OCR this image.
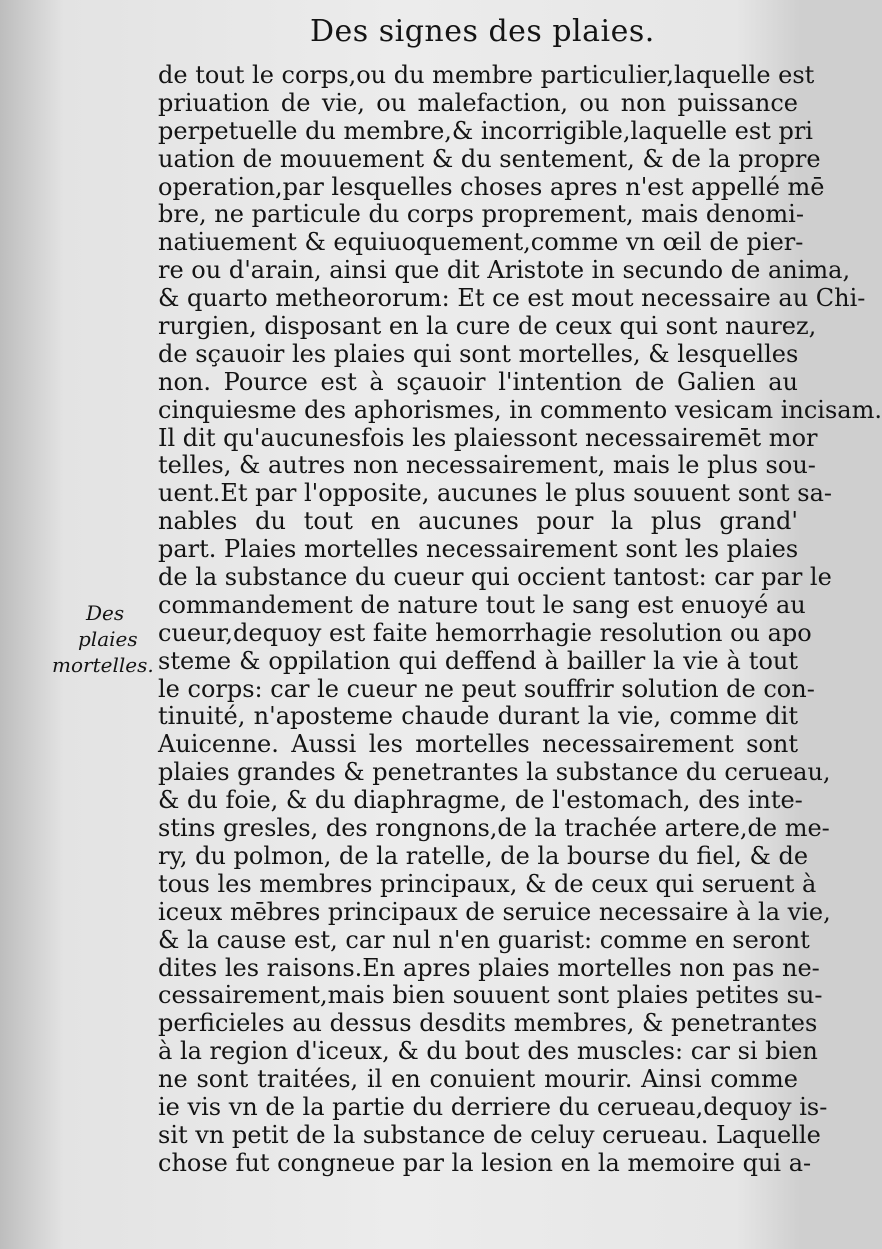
Des signes des plaies.
Des
plaies
mortelles.
de tout le corps,ou du membre particulier,laquelle est
priuation de vie, ou malefaction, ou non puissance
perpetuelle du membre,& incorrigible,laquelle est pri
uation de mouuement & du sentement, & de la propre
operation,par lesquelles choses apres n'est appellé mē
bre, ne particule du corps proprement, mais denomi-
natiuement & equiuoquement,comme vn œil de pier-
re ou d'arain, ainsi que dit Aristote in secundo de anima,
& quarto metheororum: Et ce est mout necessaire au Chi-
rurgien, disposant en la cure de ceux qui sont naurez,
de sçauoir les plaies qui sont mortelles, & lesquelles
non. Pource est à sçauoir l'intention de Galien au
cinquiesme des aphorismes, in commento vesicam incisam.
Il dit qu'aucunesfois les plaiessont necessairemēt mor
telles, & autres non necessairement, mais le plus sou-
uent.Et par l'opposite, aucunes le plus souuent sont sa-
nables du tout en aucunes pour la plus grand'
part. Plaies mortelles necessairement sont les plaies
de la substance du cueur qui occient tantost: car par le
commandement de nature tout le sang est enuoyé au
cueur,dequoy est faite hemorrhagie resolution ou apo
steme & oppilation qui deffend à bailler la vie à tout
le corps: car le cueur ne peut souffrir solution de con-
tinuité, n'aposteme chaude durant la vie, comme dit
Auicenne. Aussi les mortelles necessairement sont
plaies grandes & penetrantes la substance du cerueau,
& du foie, & du diaphragme, de l'estomach, des inte-
stins gresles, des rongnons,de la trachée artere,de me-
ry, du polmon, de la ratelle, de la bourse du fiel, & de
tous les membres principaux, & de ceux qui seruent à
iceux mēbres principaux de seruice necessaire à la vie,
& la cause est, car nul n'en guarist: comme en seront
dites les raisons.En apres plaies mortelles non pas ne-
cessairement,mais bien souuent sont plaies petites su-
perficieles au dessus desdits membres, & penetrantes
à la region d'iceux, & du bout des muscles: car si bien
ne sont traitées, il en conuient mourir. Ainsi comme
ie vis vn de la partie du derriere du cerueau,dequoy is-
sit vn petit de la substance de celuy cerueau. Laquelle
chose fut congneue par la lesion en la memoire qui a-
